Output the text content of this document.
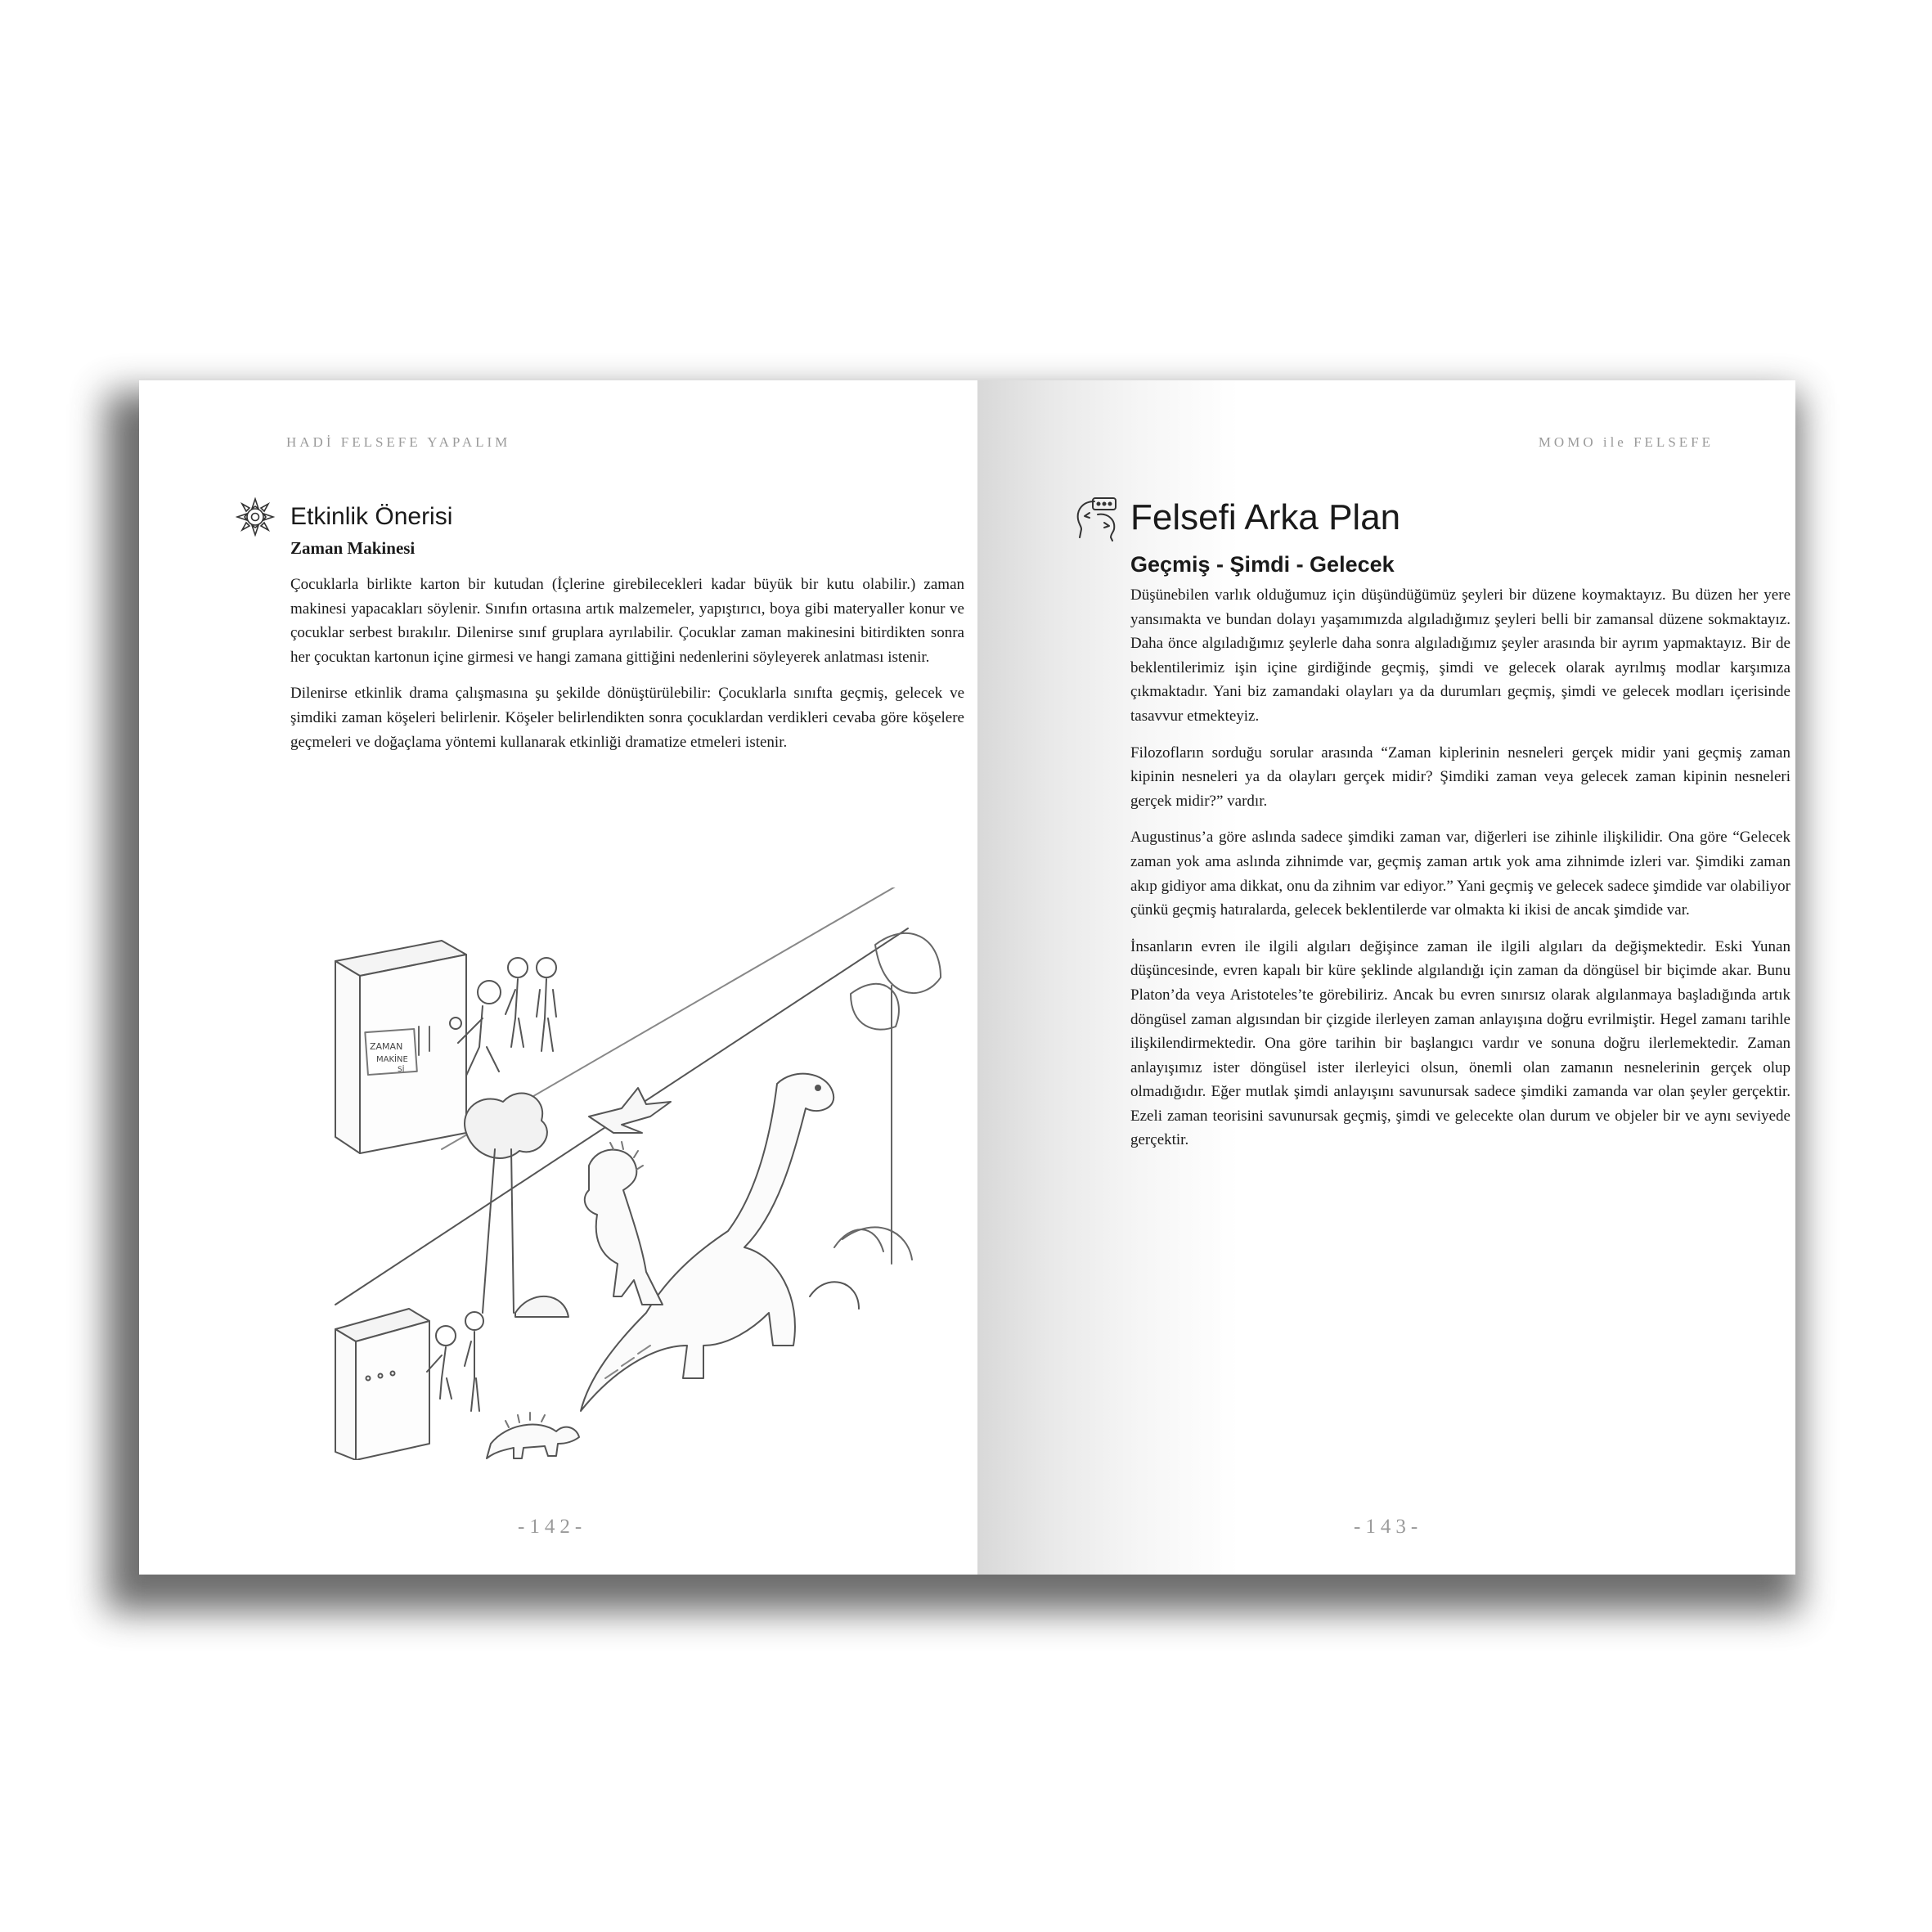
HADİ FELSEFE YAPALIM
Etkinlik Önerisi
Zaman Makinesi

Çocuklarla birlikte karton bir kutudan (İçlerine girebilecekleri kadar büyük bir kutu olabilir.) zaman makinesi yapacakları söylenir. Sınıfın ortasına artık malzemeler, yapıştırıcı, boya gibi materyaller konur ve çocuklar serbest bırakılır. Dilenirse sınıf gruplara ayrılabilir. Çocuklar zaman makinesini bitirdikten sonra her çocuktan kartonun içine girmesi ve hangi zamana gittiğini nedenlerini söyleyerek anlatması istenir.

Dilenirse etkinlik drama çalışmasına şu şekilde dönüştürülebilir: Çocuklarla sınıfta geçmiş, gelecek ve şimdiki zaman köşeleri belirlenir. Köşeler belirlendikten sonra çocuklardan verdikleri cevaba göre köşelere geçmeleri ve doğaçlama yöntemi kullanarak etkinliği dramatize etmeleri istenir.

ZAMAN
MAKİNE
Sİ
-142-
MOMO ile FELSEFE
Felsefi Arka Plan
Geçmiş - Şimdi - Gelecek

Düşünebilen varlık olduğumuz için düşündüğümüz şeyleri bir düzene koymaktayız. Bu düzen her yere yansımakta ve bundan dolayı yaşamımızda algıladığımız şeyleri belli bir zamansal düzene sokmaktayız. Daha önce algıladığımız şeylerle daha sonra algıladığımız şeyler arasında bir ayrım yapmaktayız. Bir de beklentilerimiz işin içine girdiğinde geçmiş, şimdi ve gelecek olarak ayrılmış modlar karşımıza çıkmaktadır. Yani biz zamandaki olayları ya da durumları geçmiş, şimdi ve gelecek modları içerisinde tasavvur etmekteyiz.

Filozofların sorduğu sorular arasında “Zaman kiplerinin nesneleri gerçek midir yani geçmiş zaman kipinin nesneleri ya da olayları gerçek midir? Şimdiki zaman veya gelecek zaman kipinin nesneleri gerçek midir?” vardır.

Augustinus’a göre aslında sadece şimdiki zaman var, diğerleri ise zihinle ilişkilidir. Ona göre “Gelecek zaman yok ama aslında zihnimde var, geçmiş zaman artık yok ama zihnimde izleri var. Şimdiki zaman akıp gidiyor ama dikkat, onu da zihnim var ediyor.” Yani geçmiş ve gelecek sadece şimdide var olabiliyor çünkü geçmiş hatıralarda, gelecek beklentilerde var olmakta ki ikisi de ancak şimdide var.

İnsanların evren ile ilgili algıları değişince zaman ile ilgili algıları da değişmektedir. Eski Yunan düşüncesinde, evren kapalı bir küre şeklinde algılandığı için zaman da döngüsel bir biçimde akar. Bunu Platon’da veya Aristoteles’te görebiliriz. Ancak bu evren sınırsız olarak algılanmaya başladığında artık döngüsel zaman algısından bir çizgide ilerleyen zaman anlayışına doğru evrilmiştir. Hegel zamanı tarihle ilişkilendirmektedir. Ona göre tarihin bir başlangıcı vardır ve sonuna doğru ilerlemektedir. Zaman anlayışımız ister döngüsel ister ilerleyici olsun, önemli olan zamanın nesnelerinin gerçek olup olmadığıdır. Eğer mutlak şimdi anlayışını savunursak sadece şimdiki zamanda var olan şeyler gerçektir. Ezeli zaman teorisini savunursak geçmiş, şimdi ve gelecekte olan durum ve objeler bir ve aynı seviyede gerçektir.

-143-
